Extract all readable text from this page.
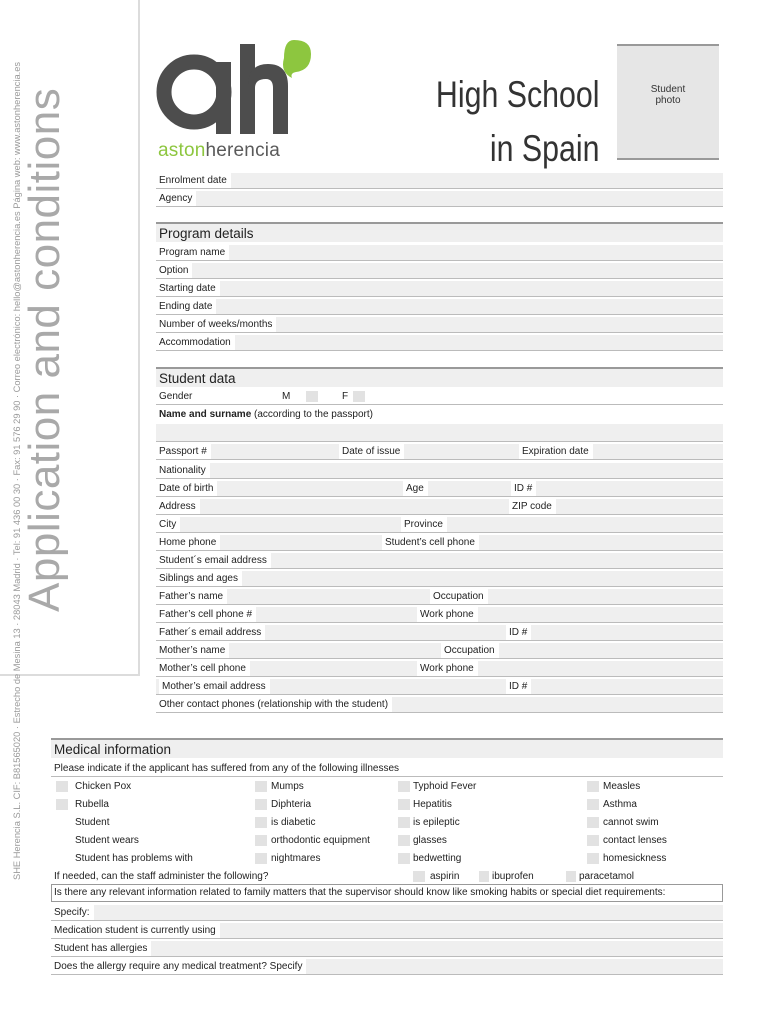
Application and conditions
SHE Herencia S.L. CIF: B81565020 · Estrecho de Mesina 13 · 28043 Madrid · Tel: 91 436 00 30 · Fax: 91 576 29 90 · Correo electrónico: hello@astonherencia.es Página web: www.astonherencia.es	astonherencia
High School
in Spain
Student
photo
Enrolment date
Agency
Program details
Program name
Option
Starting date
Ending date
Number of weeks/months
Accommodation
Student data
Gender	M	F
Name and surname (according to the passport)
Passport #	Date of issue	Expiration date
Nationality
Date of birth	Age	ID #
Address	ZIP code
City	Province
Home phone	Student’s cell phone
Student´s email address
Siblings and ages
Father’s name	Occupation
Father’s cell phone #	Work phone
Father´s email address	ID #
Mother’s name	Occupation
Mother’s cell phone	Work phone
Mother’s email address	ID #
Other contact phones (relationship with the student)
Medical information
Please indicate if the applicant has suffered from any of the following illnesses
Chicken Pox	Mumps	Typhoid Fever	Measles
Rubella	Diphteria	Hepatitis	Asthma
Student	is diabetic	is epileptic	cannot swim
Student wears	orthodontic equipment	glasses	contact lenses
Student has problems with	nightmares	bedwetting	homesickness
If needed, can the staff administer the following?	aspirin	ibuprofen	paracetamol
Is there any relevant information related to family matters that the supervisor should know like smoking habits or special diet requirements:
Specify:
Medication student is currently using
Student has allergies
Does the allergy require any medical treatment? Specify
